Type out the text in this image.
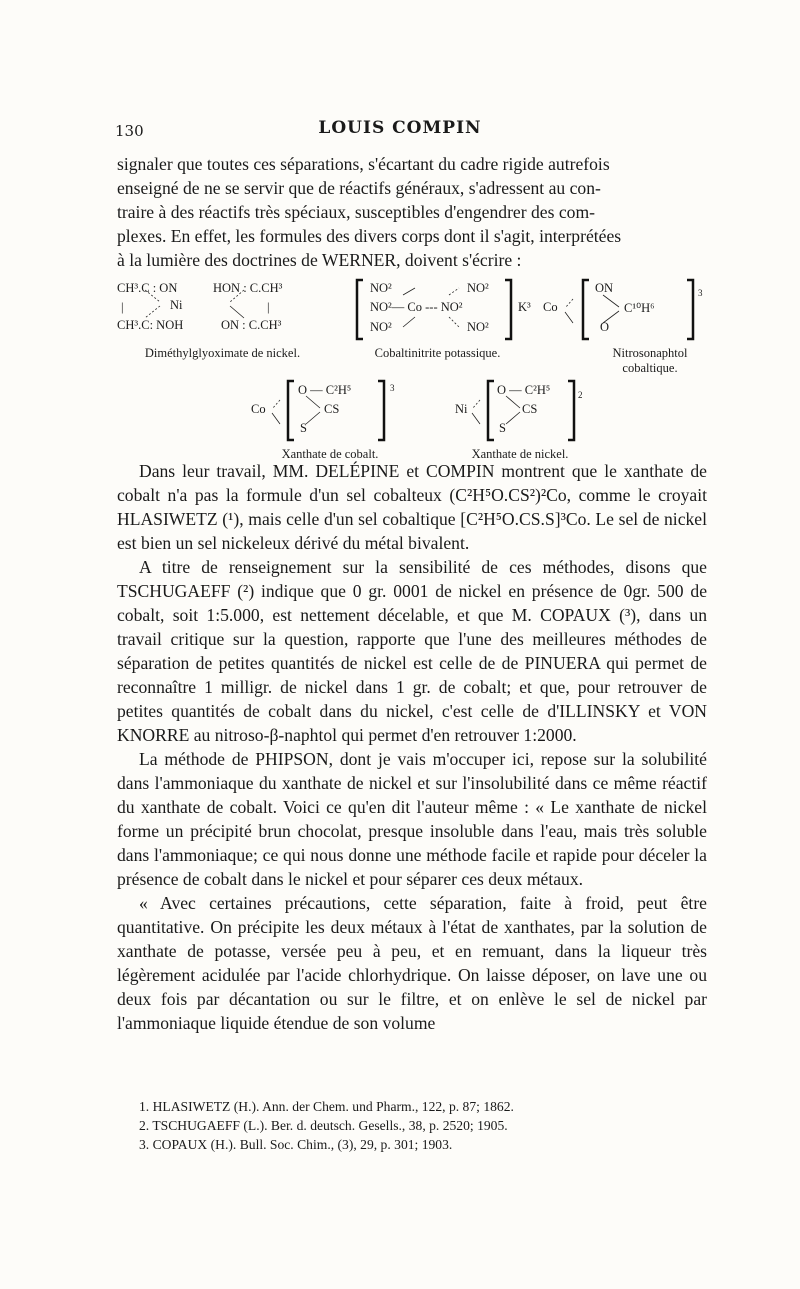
130	LOUIS COMPIN
signaler que toutes ces séparations, s'écartant du cadre rigide autrefois
enseigné de ne se servir que de réactifs généraux, s'adressent au con-
traire à des réactifs très spéciaux, susceptibles d'engendrer des com-
plexes. En effet, les formules des divers corps dont il s'agit, interprétées
à la lumière des doctrines de WERNER, doivent s'écrire :
CH³.C : ON	HON : C.CH³
|	Ni	|
CH³.C: NOH	ON : C.CH³
Diméthylglyoximate de nickel.
NO²	NO²
NO²— Co --- NO²
NO²	NO²
K³
Cobaltinitrite potassique.
Co
ON
C¹⁰H⁶
O
3
Nitrosonaphtol
cobaltique.
Co
O — C²H⁵
CS
S
3
Xanthate de cobalt.
Ni
O — C²H⁵
CS
S
2
Xanthate de nickel.

Dans leur travail, MM. DELÉPINE et COMPIN montrent que le xanthate de cobalt n'a pas la formule d'un sel cobalteux (C²H⁵O.CS²)²Co, comme le croyait HLASIWETZ (¹), mais celle d'un sel cobaltique [C²H⁵O.CS.S]³Co. Le sel de nickel est bien un sel nickeleux dérivé du métal bivalent.

A titre de renseignement sur la sensibilité de ces méthodes, disons que TSCHUGAEFF (²) indique que 0 gr. 0001 de nickel en présence de 0gr. 500 de cobalt, soit 1:5.000, est nettement décelable, et que M. COPAUX (³), dans un travail critique sur la question, rapporte que l'une des meilleures méthodes de séparation de petites quantités de nickel est celle de de PINUERA qui permet de reconnaître 1 milligr. de nickel dans 1 gr. de cobalt; et que, pour retrouver de petites quantités de cobalt dans du nickel, c'est celle de d'ILLINSKY et VON KNORRE au nitroso-β-naphtol qui permet d'en retrouver 1:2000.

La méthode de PHIPSON, dont je vais m'occuper ici, repose sur la solubilité dans l'ammoniaque du xanthate de nickel et sur l'insolubilité dans ce même réactif du xanthate de cobalt. Voici ce qu'en dit l'auteur même : « Le xanthate de nickel forme un précipité brun chocolat, presque insoluble dans l'eau, mais très soluble dans l'ammoniaque; ce qui nous donne une méthode facile et rapide pour déceler la présence de cobalt dans le nickel et pour séparer ces deux métaux.

« Avec certaines précautions, cette séparation, faite à froid, peut être quantitative. On précipite les deux métaux à l'état de xanthates, par la solution de xanthate de potasse, versée peu à peu, et en remuant, dans la liqueur très légèrement acidulée par l'acide chlorhydrique. On laisse déposer, on lave une ou deux fois par décantation ou sur le filtre, et on enlève le sel de nickel par l'ammoniaque liquide étendue de son volume

1. HLASIWETZ (H.). Ann. der Chem. und Pharm., 122, p. 87; 1862.
2. TSCHUGAEFF (L.). Ber. d. deutsch. Gesells., 38, p. 2520; 1905.
3. COPAUX (H.). Bull. Soc. Chim., (3), 29, p. 301; 1903.
